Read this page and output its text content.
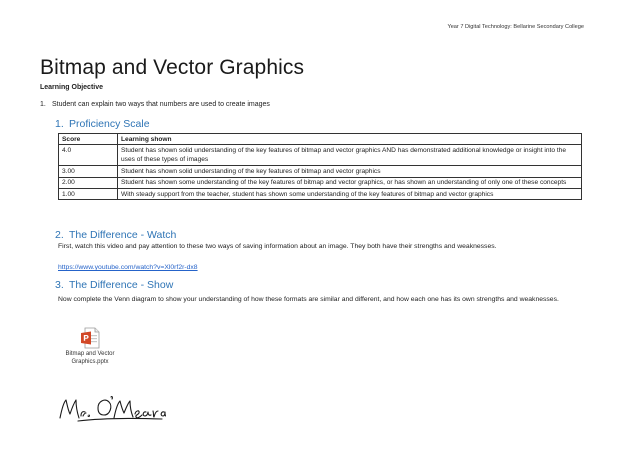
Year 7 Digital Technology: Bellarine Secondary College
Bitmap and Vector Graphics
Learning Objective
1. Student can explain two ways that numbers are used to create images
1. Proficiency Scale
Score	Learning shown
4.0	Student has shown solid understanding of the key features of bitmap and vector graphics AND has demonstrated additional knowledge or insight into the uses of these types of images
3.00	Student has shown solid understanding of the key features of bitmap and vector graphics
2.00	Student has shown some understanding of the key features of bitmap and vector graphics, or has shown an understanding of only one of these concepts
1.00	With steady support from the teacher, student has shown some understanding of the key features of bitmap and vector graphics
2. The Difference - Watch
First, watch this video and pay attention to these two ways of saving information about an image. They both have their strengths and weaknesses.
https://www.youtube.com/watch?v=Xl0rf2r-dx8
3. The Difference - Show
Now complete the Venn diagram to show your understanding of how these formats are similar and different, and how each one has its own strengths and weaknesses.
Bitmap and Vector
Graphics.pptx
